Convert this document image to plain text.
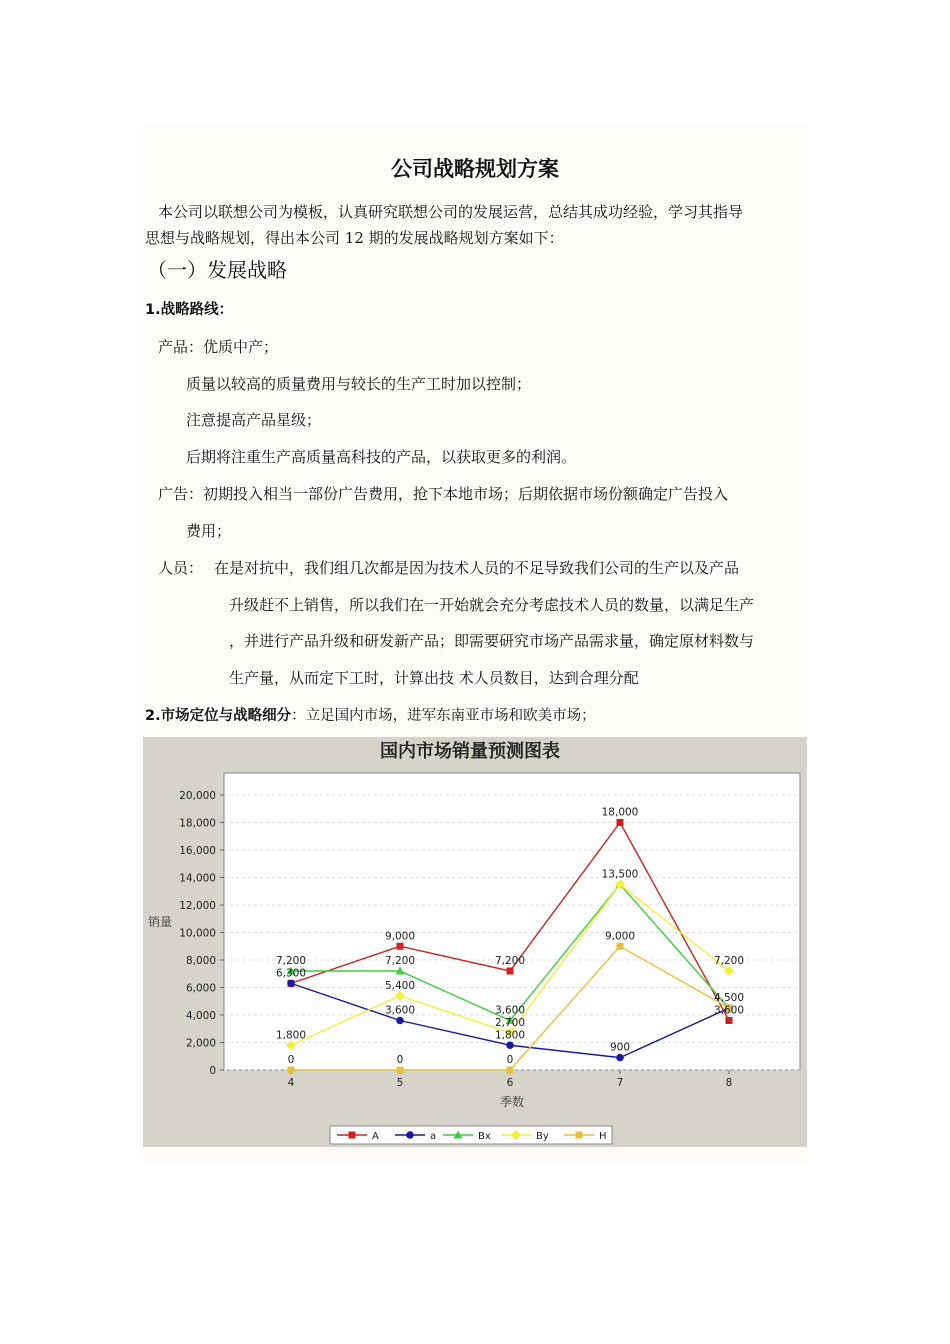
公司战略规划方案
本公司以联想公司为模板，认真研究联想公司的发展运营，总结其成功经验，学习其指导
思想与战略规划，得出本公司 12 期的发展战略规划方案如下：
（一）发展战略
1.战略路线：
产品：优质中产；
质量以较高的质量费用与较长的生产工时加以控制；
注意提高产品星级；
后期将注重生产高质量高科技的产品，以获取更多的利润。
广告：初期投入相当一部份广告费用，抢下本地市场；后期依据市场份额确定广告投入
费用；
人员： 在是对抗中，我们组几次都是因为技术人员的不足导致我们公司的生产以及产品
升级赶不上销售，所以我们在一开始就会充分考虑技术人员的数量，以满足生产
，并进行产品升级和研发新产品；即需要研究市场产品需求量，确定原材料数与
生产量，从而定下工时，计算出技 术人员数目，达到合理分配
2.市场定位与战略细分：立足国内市场，进军东南亚市场和欧美市场；
国内市场销量预测图表
0
2,000
4,000
6,000
8,000
10,000
12,000
14,000
16,000
18,000
20,000
4	5	6	7	8
销量
季数
6,300
9,000
7,200
18,000
3,600
3,600
1,800
900
7,200	7,200
3,600
13,500
4,500
1,800
5,400
2,700
7,200
0	0	0
9,000
A	a	Bx	By	H
